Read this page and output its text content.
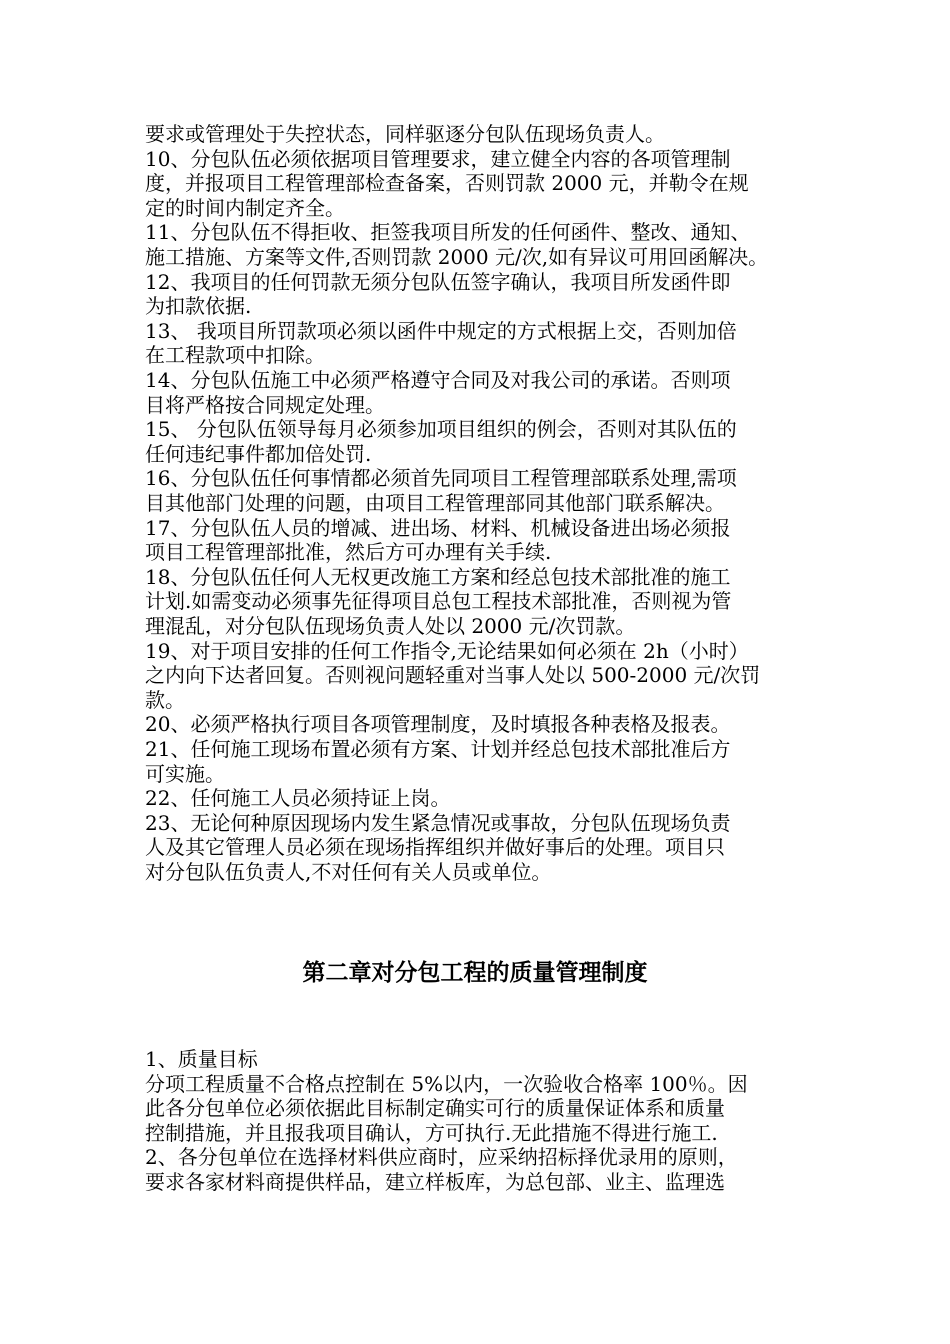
要求或管理处于失控状态，同样驱逐分包队伍现场负责人。
10、分包队伍必须依据项目管理要求，建立健全内容的各项管理制
度，并报项目工程管理部检查备案，否则罚款 2000 元，并勒令在规
定的时间内制定齐全。
11、分包队伍不得拒收、拒签我项目所发的任何函件、整改、通知、
施工措施、方案等文件,否则罚款 2000 元/次,如有异议可用回函解决。
12、我项目的任何罚款无须分包队伍签字确认，我项目所发函件即
为扣款依据.
13、 我项目所罚款项必须以函件中规定的方式根据上交，否则加倍
在工程款项中扣除。
14、分包队伍施工中必须严格遵守合同及对我公司的承诺。否则项
目将严格按合同规定处理。
15、 分包队伍领导每月必须参加项目组织的例会，否则对其队伍的
任何违纪事件都加倍处罚.
16、分包队伍任何事情都必须首先同项目工程管理部联系处理,需项
目其他部门处理的问题，由项目工程管理部同其他部门联系解决。
17、分包队伍人员的增减、进出场、材料、机械设备进出场必须报
项目工程管理部批准，然后方可办理有关手续.
18、分包队伍任何人无权更改施工方案和经总包技术部批准的施工
计划.如需变动必须事先征得项目总包工程技术部批准，否则视为管
理混乱，对分包队伍现场负责人处以 2000 元/次罚款。
19、对于项目安排的任何工作指令,无论结果如何必须在 2h（小时）
之内向下达者回复。否则视问题轻重对当事人处以 500-2000 元/次罚
款。
20、必须严格执行项目各项管理制度，及时填报各种表格及报表。
21、任何施工现场布置必须有方案、计划并经总包技术部批准后方
可实施。
22、任何施工人员必须持证上岗。
23、无论何种原因现场内发生紧急情况或事故，分包队伍现场负责
人及其它管理人员必须在现场指挥组织并做好事后的处理。项目只
对分包队伍负责人,不对任何有关人员或单位。
第二章对分包工程的质量管理制度
1、质量目标
分项工程质量不合格点控制在 5%以内，一次验收合格率 100％。因
此各分包单位必须依据此目标制定确实可行的质量保证体系和质量
控制措施，并且报我项目确认，方可执行.无此措施不得进行施工.
2、各分包单位在选择材料供应商时，应采纳招标择优录用的原则，
要求各家材料商提供样品，建立样板库，为总包部、业主、监理选
